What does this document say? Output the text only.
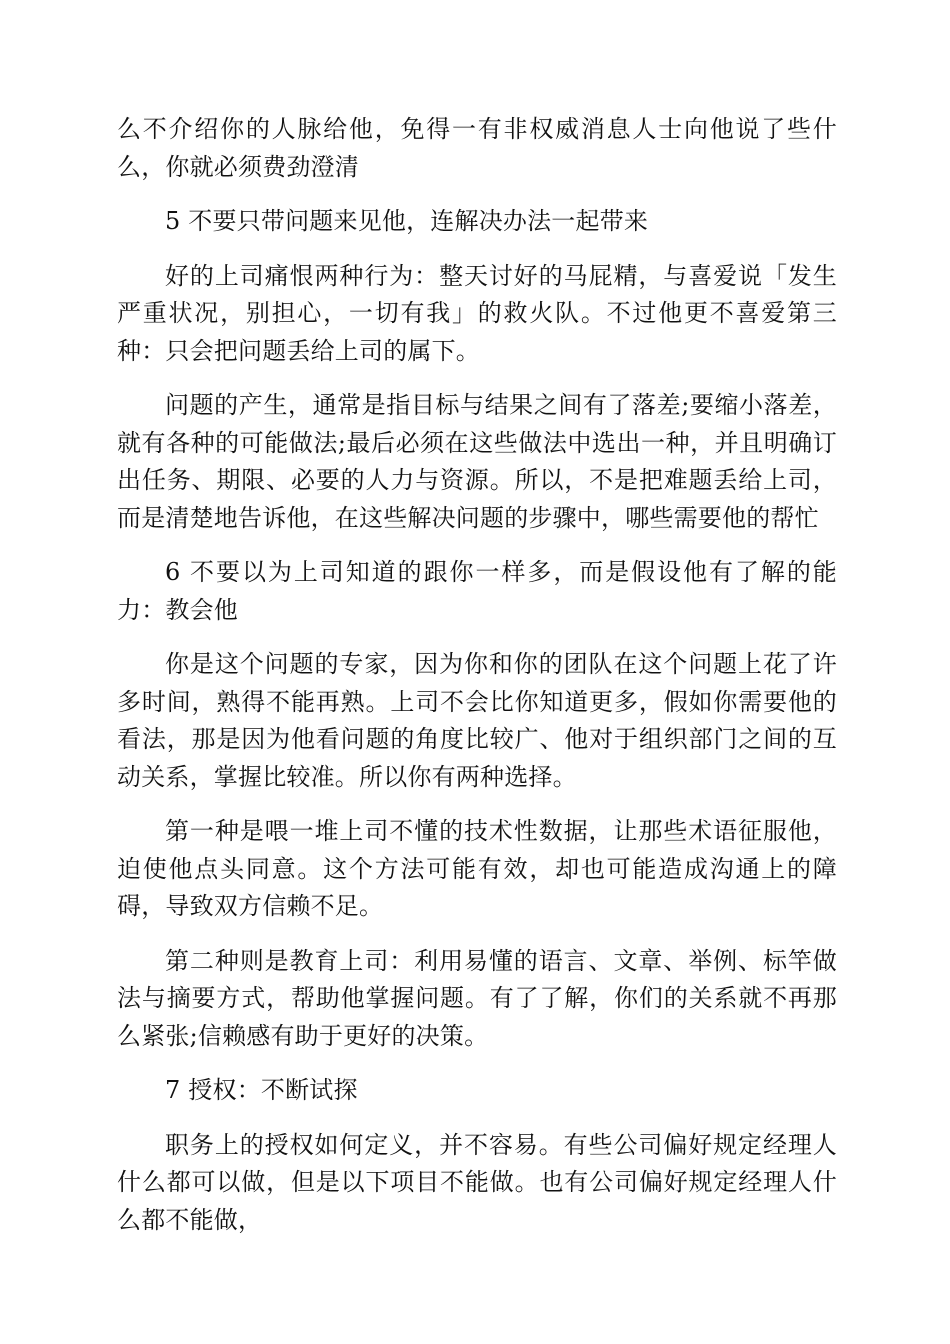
么不介绍你的人脉给他，免得一有非权威消息人士向他说了些什么，你就必须费劲澄清

5 不要只带问题来见他，连解决办法一起带来

好的上司痛恨两种行为：整天讨好的马屁精，与喜爱说「发生严重状况，别担心，一切有我」的救火队。不过他更不喜爱第三种：只会把问题丢给上司的属下。

问题的产生，通常是指目标与结果之间有了落差;要缩小落差，就有各种的可能做法;最后必须在这些做法中选出一种，并且明确订出任务、期限、必要的人力与资源。所以，不是把难题丢给上司，而是清楚地告诉他，在这些解决问题的步骤中，哪些需要他的帮忙

6 不要以为上司知道的跟你一样多，而是假设他有了解的能力：教会他

你是这个问题的专家，因为你和你的团队在这个问题上花了许多时间，熟得不能再熟。上司不会比你知道更多，假如你需要他的看法，那是因为他看问题的角度比较广、他对于组织部门之间的互动关系，掌握比较准。所以你有两种选择。

第一种是喂一堆上司不懂的技术性数据，让那些术语征服他，迫使他点头同意。这个方法可能有效，却也可能造成沟通上的障碍，导致双方信赖不足。

第二种则是教育上司：利用易懂的语言、文章、举例、标竿做法与摘要方式，帮助他掌握问题。有了了解，你们的关系就不再那么紧张;信赖感有助于更好的决策。

7 授权：不断试探

职务上的授权如何定义，并不容易。有些公司偏好规定经理人什么都可以做，但是以下项目不能做。也有公司偏好规定经理人什么都不能做，
